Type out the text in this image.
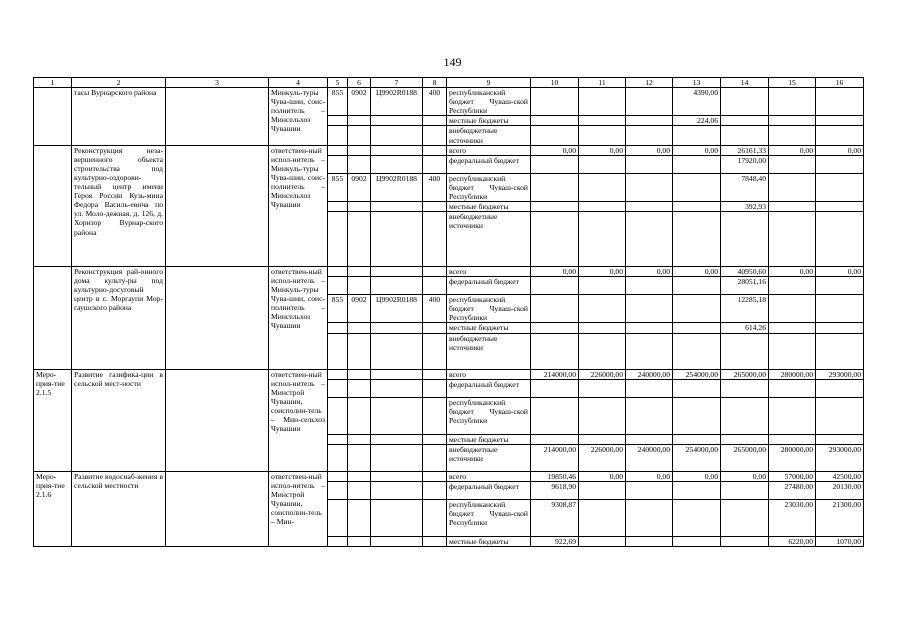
149
1	2	3	4	5	6	7	8	9	10	11	12	13	14	15	16
	тасы Вурнарского района		Минкуль-туры Чува-шии, соис-полнитель – Минсельхоз Чувашии	855	0902	Ц9902R0188	400	республиканский бюджет Чуваш-ской Республики				4390,00			

								местные бюджеты				224,06			
								внебюджетные источники							

	Реконструкция неза-вершенного объекта строительства под культурно-оздорови-тельный центр имени Героя России Кузь-мина Федора Василь-евича по ул. Моло-дежная, д. 126, д. Хорнзор Вурнар-ского района		ответствен-ный испол-нитель – Минкуль-туры Чува-шии, соис-полнитель – Минсельхоз Чувашии					всего	0,00	0,00	0,00	0,00	26161,33	0,00	0,00
								федеральный бюджет					17920,00		

				855	0902	Ц9902R0188	400	республиканский бюджет Чуваш-ской Республики					7848,40		

								местные бюджеты					392,93		
								внебюджетные источники							

	Реконструкция рай-онного дома культу-ры под культурно-досуговый центр в с. Моргаупи Мор-гаушского района		ответствен-ный испол-нитель – Минкуль-туры Чува-шии, соис-полнитель – Минсельхоз Чувашии					всего	0,00	0,00	0,00	0,00	40950,60	0,00	0,00
								федеральный бюджет					28051,16		

				855	0902	Ц9902R0188	400	республиканский бюджет Чуваш-ской Республики					12285,18		

								местные бюджеты					614,26		
								внебюджетные источники							

Меро-прия-тие 2.1.5	Развитие газифика-ции в сельской мест-ности		ответствен-ный испол-нитель – Минстрой Чувашии, соисполни-тель – Мин-сельхоз Чувашии					всего	214000,00	226000,00	240000,00	254000,00	265000,00	280000,00	293000,00
								федеральный бюджет							

								республиканский бюджет Чуваш-ской Республики							

								местные бюджеты							
								внебюджетные источники	214000,00	226000,00	240000,00	254000,00	265000,00	280000,00	293000,00

Меро-прия-тие 2.1.6	Развитие водоснаб-жения в сельской местности		ответствен-ный испол-нитель – Минстрой Чувашии, соисполни-тель – Мин-					всего	19850,46	0,00	0,00	0,00	0,00	57000,00	42500,00
								федеральный бюджет	9618,90					27480,00	20130,00

								республиканский бюджет Чуваш-ской Республики	9308,87					23030,00	21300,00

								местные бюджеты	922,69					6220,00	1070,00
